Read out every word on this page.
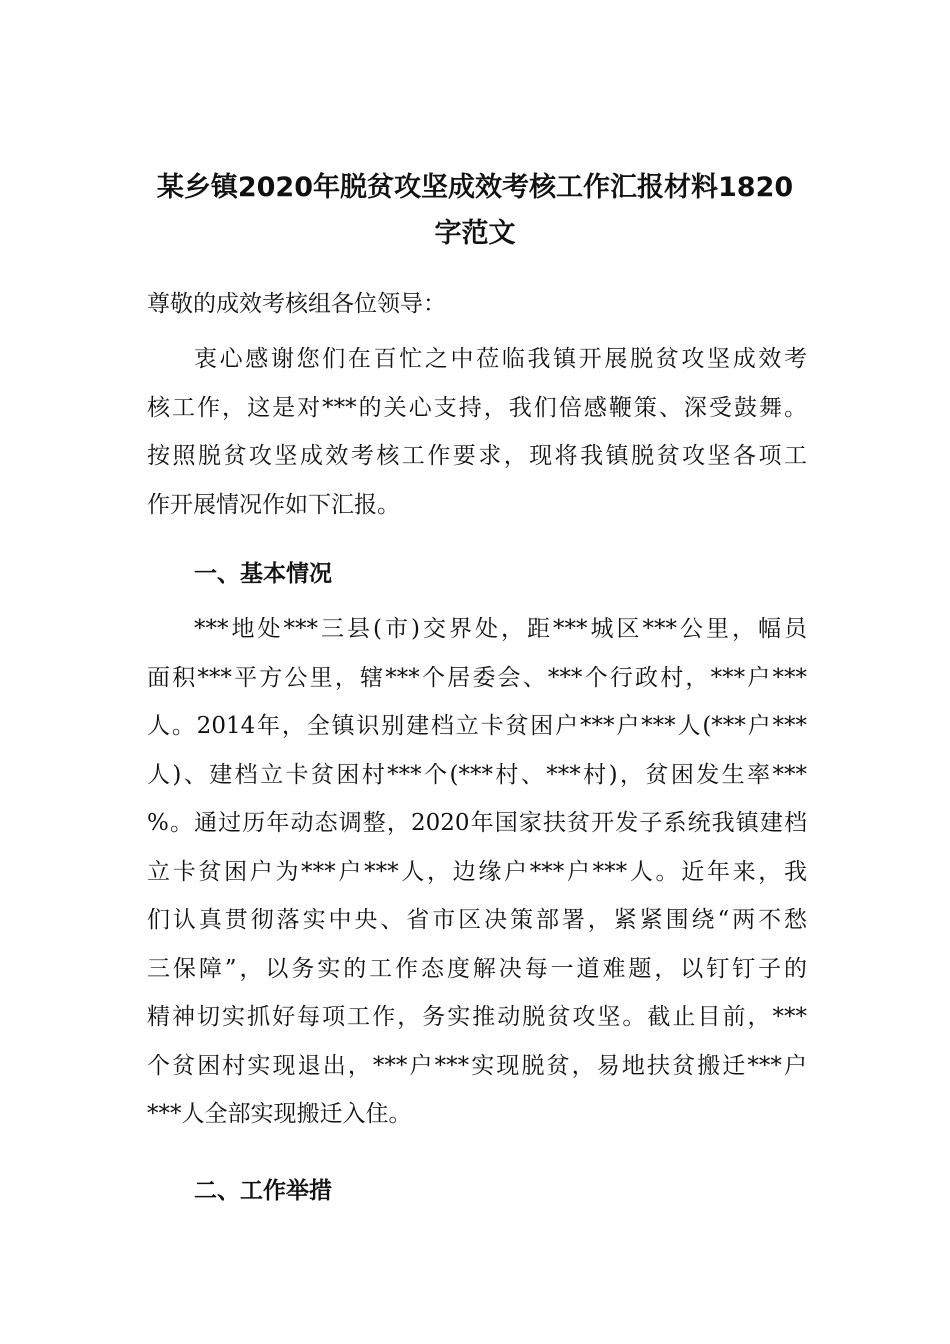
某乡镇2020年脱贫攻坚成效考核工作汇报材料1820
字范文

尊敬的成效考核组各位领导：

衷心感谢您们在百忙之中莅临我镇开展脱贫攻坚成效考
核工作，这是对***的关心支持，我们倍感鞭策、深受鼓舞。
按照脱贫攻坚成效考核工作要求，现将我镇脱贫攻坚各项工
作开展情况作如下汇报。
一、基本情况
***地处***三县(市)交界处，距***城区***公里，幅员
面积***平方公里，辖***个居委会、***个行政村，***户***
人。2014年，全镇识别建档立卡贫困户***户***人(***户***
人)、建档立卡贫困村***个(***村、***村)，贫困发生率***
%。通过历年动态调整，2020年国家扶贫开发子系统我镇建档
立卡贫困户为***户***人，边缘户***户***人。近年来，我
们认真贯彻落实中央、省市区决策部署，紧紧围绕“两不愁
三保障”，以务实的工作态度解决每一道难题，以钉钉子的
精神切实抓好每项工作，务实推动脱贫攻坚。截止目前，***
个贫困村实现退出，***户***实现脱贫，易地扶贫搬迁***户
***人全部实现搬迁入住。
二、工作举措
